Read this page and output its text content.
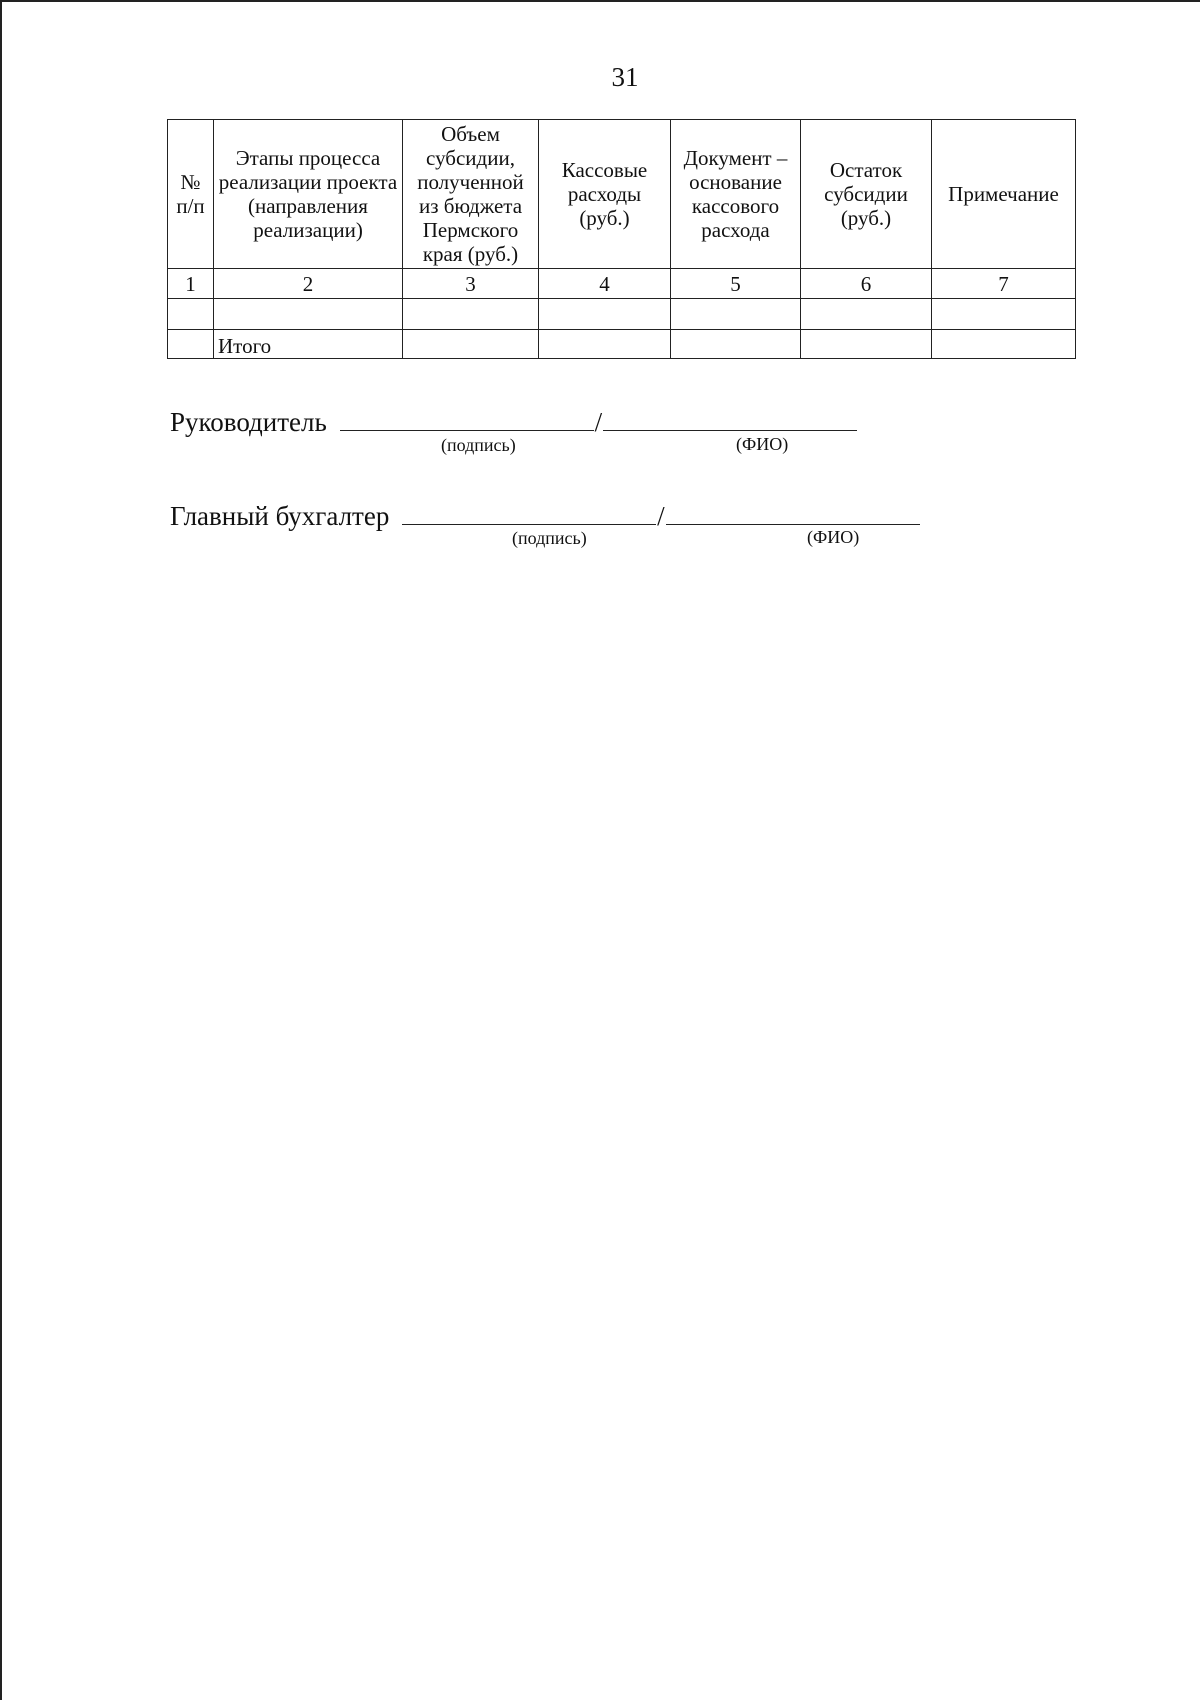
31
№ п/п	Этапы процесса реализации проекта (направления реализации)	Объем субсидии, полученной из бюджета Пермского края (руб.)	Кассовые расходы (руб.)	Документ – основание кассового расхода	Остаток субсидии (руб.)	Примечание
1	2	3	4	5	6	7

	Итого					
Руководитель	/
(подпись)	(ФИО)
Главный бухгалтер	/
(подпись)	(ФИО)
